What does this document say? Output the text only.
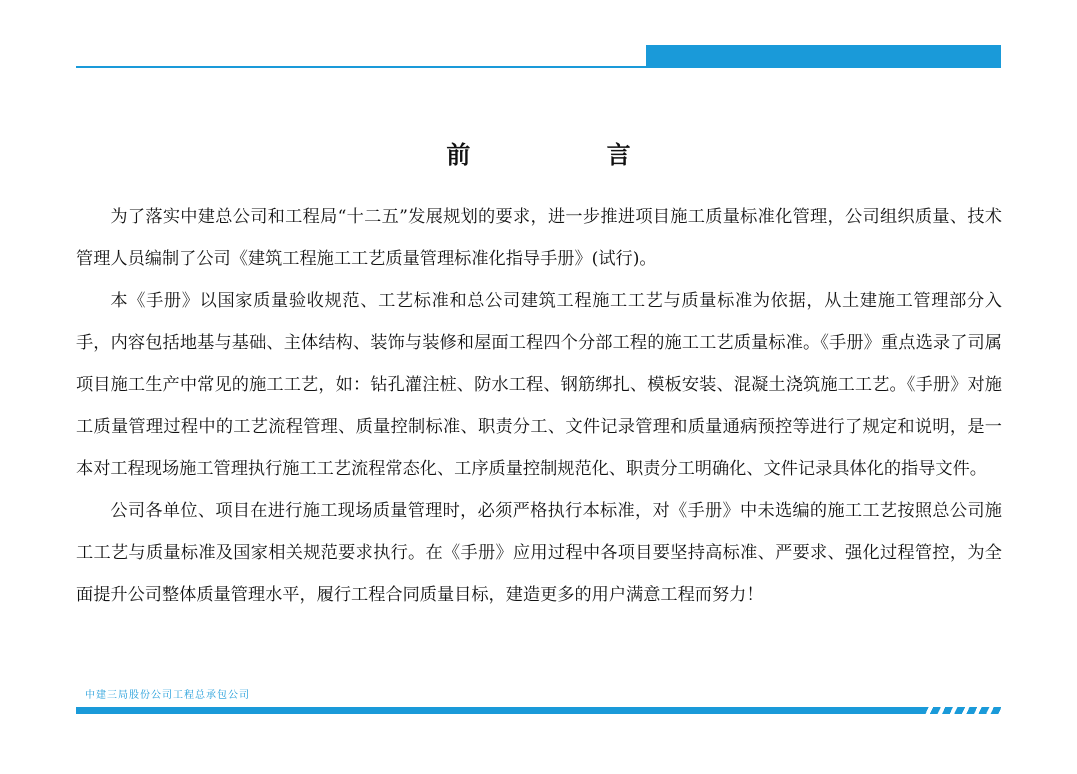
前 言

为了落实中建总公司和工程局“十二五”发展规划的要求，进一步推进项目施工质量标准化管理，公司组织质量、技术管理人员编制了公司《建筑工程施工工艺质量管理标准化指导手册》(试行)。

本《手册》以国家质量验收规范、工艺标准和总公司建筑工程施工工艺与质量标准为依据，从土建施工管理部分入手，内容包括地基与基础、主体结构、装饰与装修和屋面工程四个分部工程的施工工艺质量标准。《手册》重点选录了司属项目施工生产中常见的施工工艺，如：钻孔灌注桩、防水工程、钢筋绑扎、模板安装、混凝土浇筑施工工艺。《手册》对施工质量管理过程中的工艺流程管理、质量控制标准、职责分工、文件记录管理和质量通病预控等进行了规定和说明，是一本对工程现场施工管理执行施工工艺流程常态化、工序质量控制规范化、职责分工明确化、文件记录具体化的指导文件。

公司各单位、项目在进行施工现场质量管理时，必须严格执行本标准，对《手册》中未选编的施工工艺按照总公司施工工艺与质量标准及国家相关规范要求执行。在《手册》应用过程中各项目要坚持高标准、严要求、强化过程管控，为全面提升公司整体质量管理水平，履行工程合同质量目标，建造更多的用户满意工程而努力！

中建三局股份公司工程总承包公司
